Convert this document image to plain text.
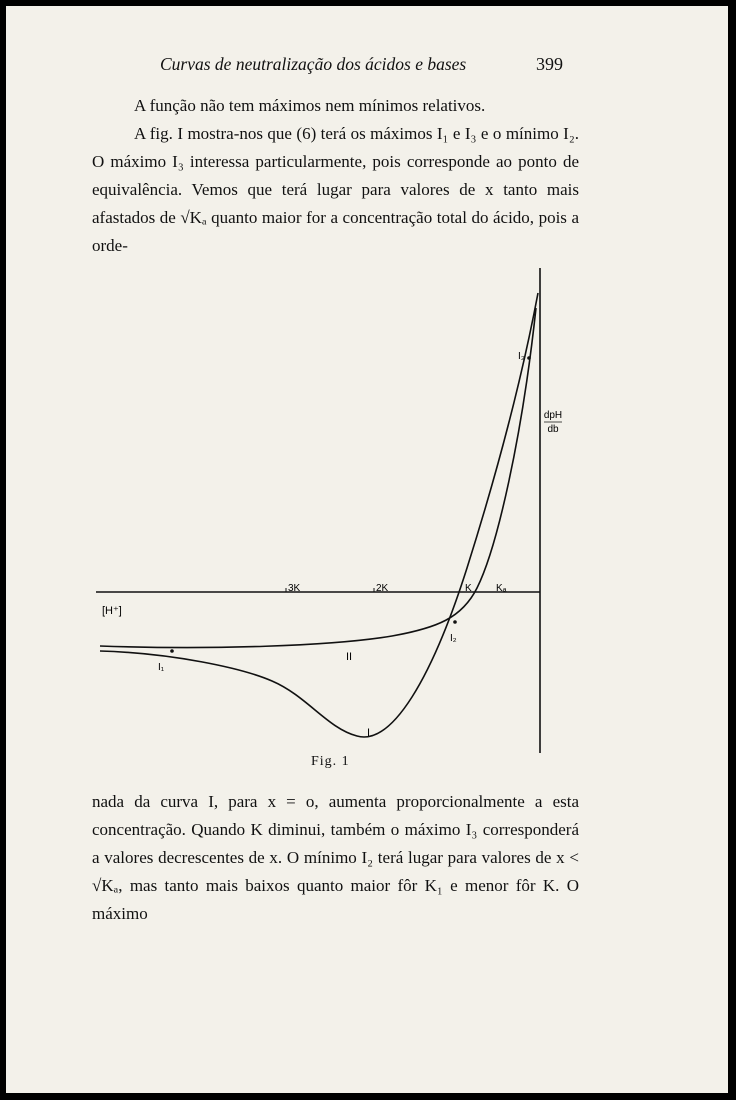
Curvas de neutralização dos ácidos e bases	399

A função não tem máximos nem mínimos relativos.

A fig. I mostra-nos que (6) terá os máximos I₁ e I₃ e o mínimo I₂. O máximo I₃ interessa particularmente, pois corresponde ao ponto de equivalência. Vemos que terá lugar para valores de x tanto mais afastados de √Kₐ quanto maior for a concentração total do ácido, pois a orde-

dpH
db
[H⁺]
3K	2K	K Kₐ
I₁
I₂
I₃
I
II
Fig. 1

nada da curva I, para x = o, aumenta proporcionalmente a esta concentração. Quando K diminui, também o máximo I₃ corresponderá a valores decrescentes de x. O mínimo I₂ terá lugar para valores de x < √Kₐ, mas tanto mais baixos quanto maior fôr K₁ e menor fôr K. O máximo
